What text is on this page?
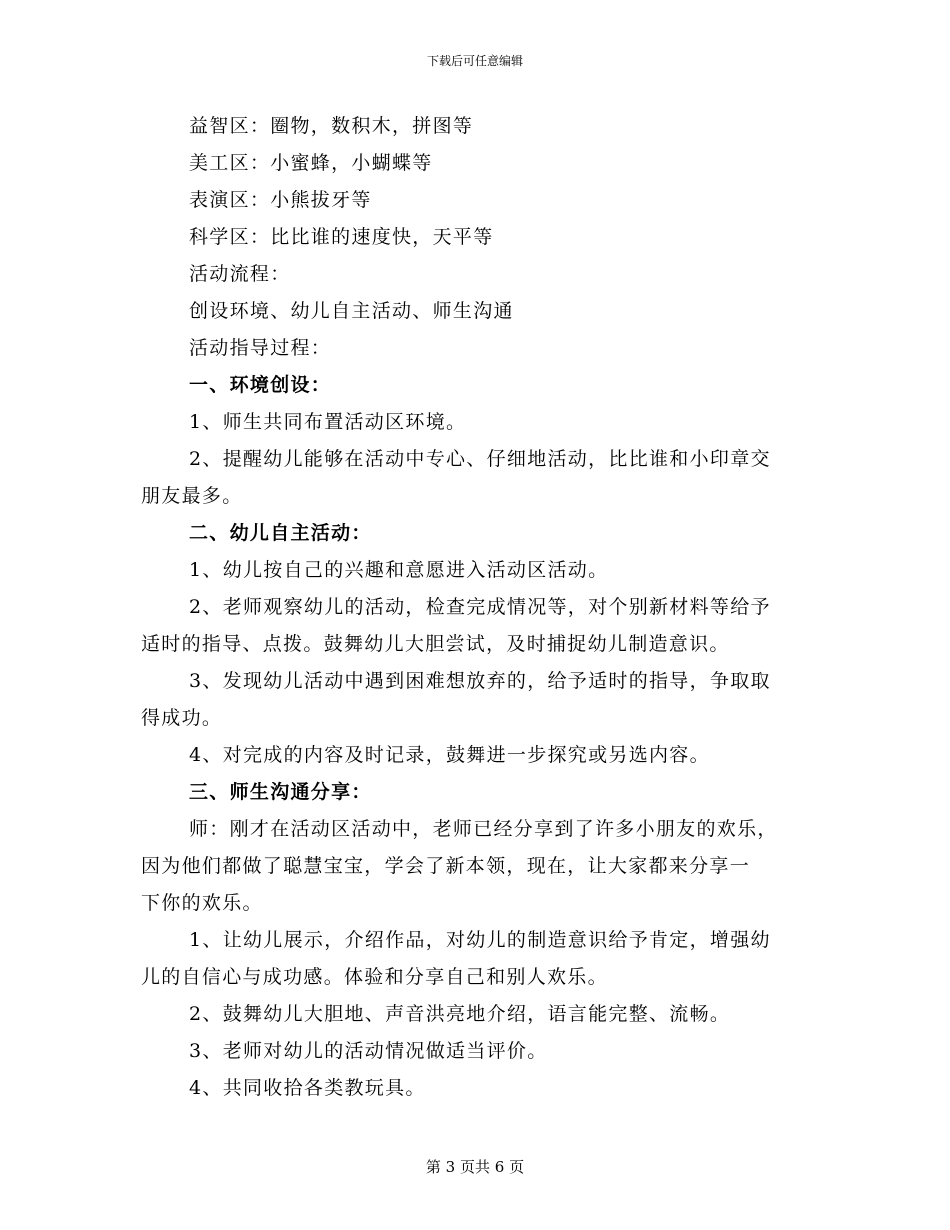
下载后可任意编辑

益智区：圈物，数积木，拼图等

美工区：小蜜蜂，小蝴蝶等

表演区：小熊拔牙等

科学区：比比谁的速度快，天平等

活动流程：

创设环境、幼儿自主活动、师生沟通

活动指导过程：

一、环境创设：

1、师生共同布置活动区环境。

2、提醒幼儿能够在活动中专心、仔细地活动，比比谁和小印章交
朋友最多。

二、幼儿自主活动：

1、幼儿按自己的兴趣和意愿进入活动区活动。

2、老师观察幼儿的活动，检查完成情况等，对个别新材料等给予
适时的指导、点拨。鼓舞幼儿大胆尝试，及时捕捉幼儿制造意识。

3、发现幼儿活动中遇到困难想放弃的，给予适时的指导，争取取
得成功。

4、对完成的内容及时记录，鼓舞进一步探究或另选内容。

三、师生沟通分享：

师：刚才在活动区活动中，老师已经分享到了许多小朋友的欢乐，
因为他们都做了聪慧宝宝，学会了新本领，现在，让大家都来分享一
下你的欢乐。

1、让幼儿展示，介绍作品，对幼儿的制造意识给予肯定，增强幼
儿的自信心与成功感。体验和分享自己和别人欢乐。

2、鼓舞幼儿大胆地、声音洪亮地介绍，语言能完整、流畅。

3、老师对幼儿的活动情况做适当评价。

4、共同收拾各类教玩具。

第 3 页共 6 页
